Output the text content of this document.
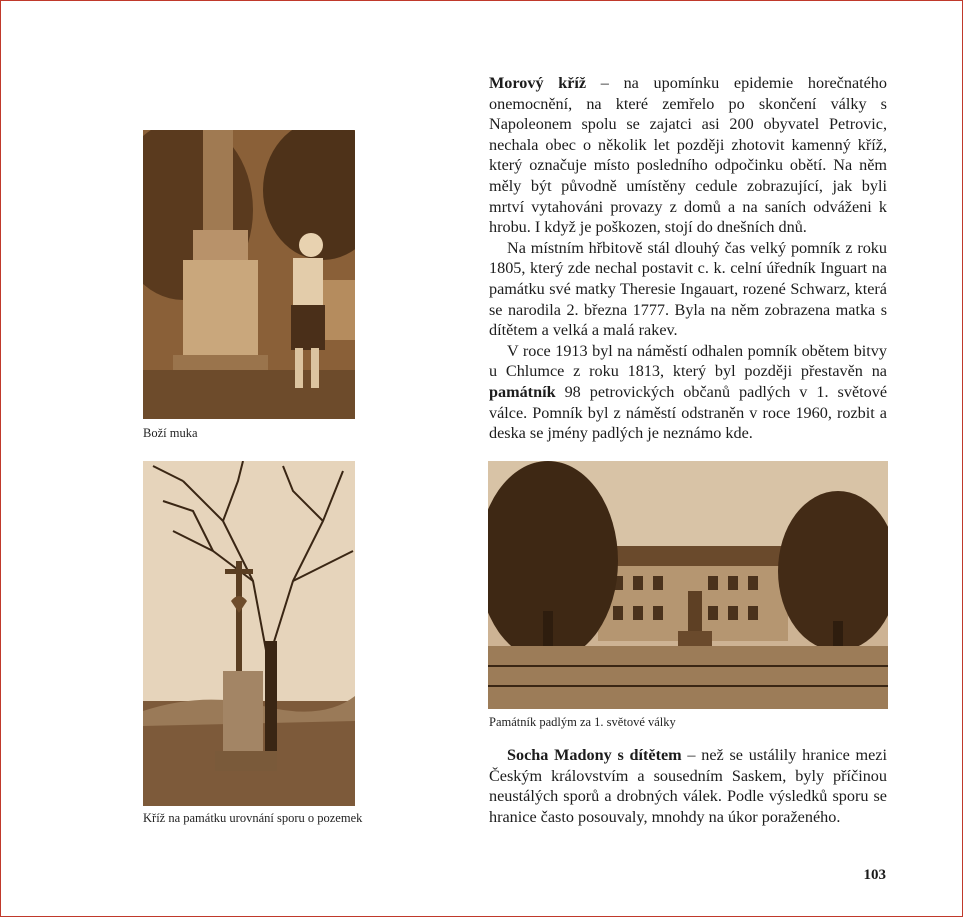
Boží muka
Kříž na památku urovnání sporu o pozemek

Morový kříž – na upomínku epidemie horečnatého onemocnění, na které zemřelo po skončení války s Napoleonem spolu se zajatci asi 200 obyvatel Petrovic, nechala obec o několik let později zhotovit kamenný kříž, který označuje místo posledního odpočinku obětí. Na něm měly být původně umístěny cedule zobrazující, jak byli mrtví vytahováni provazy z domů a na saních odváženi k hrobu. I když je poškozen, stojí do dnešních dnů.

Na místním hřbitově stál dlouhý čas velký pomník z roku 1805, který zde nechal postavit c. k. celní úředník Inguart na památku své matky Theresie Ingauart, rozené Schwarz, která se narodila 2. března 1777. Byla na něm zobrazena matka s dítětem a velká a malá rakev.

V roce 1913 byl na náměstí odhalen pomník obětem bitvy u Chlumce z roku 1813, který byl později přestavěn na památník 98 petrovických občanů padlých v 1. světové válce. Pomník byl z náměstí odstraněn v roce 1960, rozbit a deska se jmény padlých je neznámo kde.

Památník padlým za 1. světové války

Socha Madony s dítětem – než se ustálily hranice mezi Českým královstvím a sousedním Saskem, byly příčinou neustálých sporů a drobných válek. Podle výsledků sporu se hranice často posouvaly, mnohdy na úkor poraženého.

103
